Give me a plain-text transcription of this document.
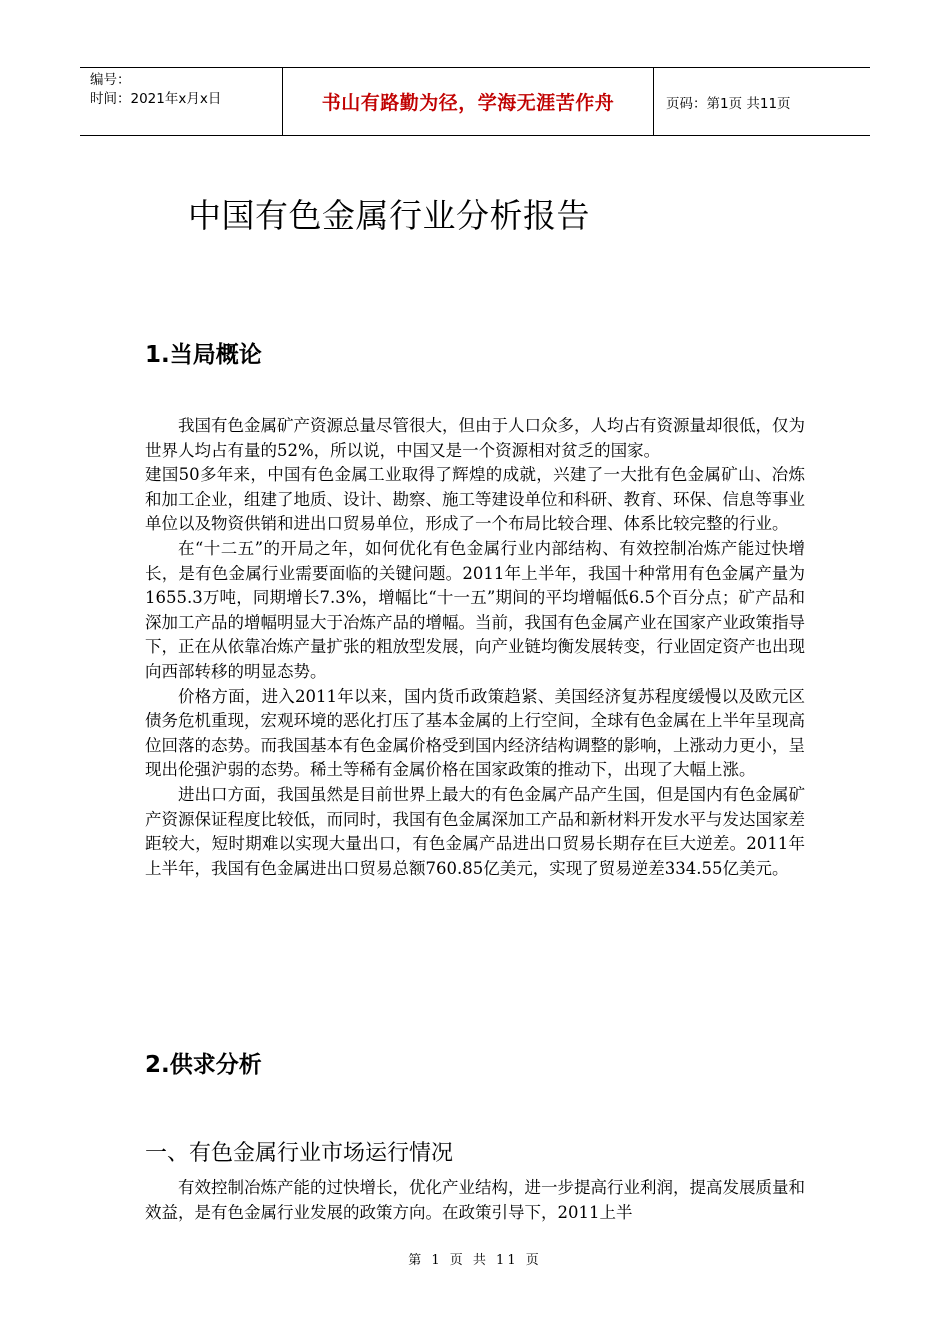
编号：
时间：2021年x月x日	书山有路勤为径，学海无涯苦作舟	页码：第1页 共11页
中国有色金属行业分析报告
1.当局概论

我国有色金属矿产资源总量尽管很大，但由于人口众多，人均占有资源量却很低，仅为世界人均占有量的52%，所以说，中国又是一个资源相对贫乏的国家。

建国50多年来，中国有色金属工业取得了辉煌的成就，兴建了一大批有色金属矿山、冶炼和加工企业，组建了地质、设计、勘察、施工等建设单位和科研、教育、环保、信息等事业单位以及物资供销和进出口贸易单位，形成了一个布局比较合理、体系比较完整的行业。

在“十二五”的开局之年，如何优化有色金属行业内部结构、有效控制冶炼产能过快增长，是有色金属行业需要面临的关键问题。2011年上半年，我国十种常用有色金属产量为1655.3万吨，同期增长7.3%，增幅比“十一五”期间的平均增幅低6.5个百分点；矿产品和深加工产品的增幅明显大于冶炼产品的增幅。当前，我国有色金属产业在国家产业政策指导下，正在从依靠冶炼产量扩张的粗放型发展，向产业链均衡发展转变，行业固定资产也出现向西部转移的明显态势。

价格方面，进入2011年以来，国内货币政策趋紧、美国经济复苏程度缓慢以及欧元区债务危机重现，宏观环境的恶化打压了基本金属的上行空间，全球有色金属在上半年呈现高位回落的态势。而我国基本有色金属价格受到国内经济结构调整的影响，上涨动力更小，呈现出伦强沪弱的态势。稀土等稀有金属价格在国家政策的推动下，出现了大幅上涨。

进出口方面，我国虽然是目前世界上最大的有色金属产品产生国，但是国内有色金属矿产资源保证程度比较低，而同时，我国有色金属深加工产品和新材料开发水平与发达国家差距较大，短时期难以实现大量出口，有色金属产品进出口贸易长期存在巨大逆差。2011年上半年，我国有色金属进出口贸易总额760.85亿美元，实现了贸易逆差334.55亿美元。

2.供求分析
一、有色金属行业市场运行情况

有效控制冶炼产能的过快增长，优化产业结构，进一步提高行业利润，提高发展质量和效益，是有色金属行业发展的政策方向。在政策引导下，2011上半

第 1 页 共 11 页
